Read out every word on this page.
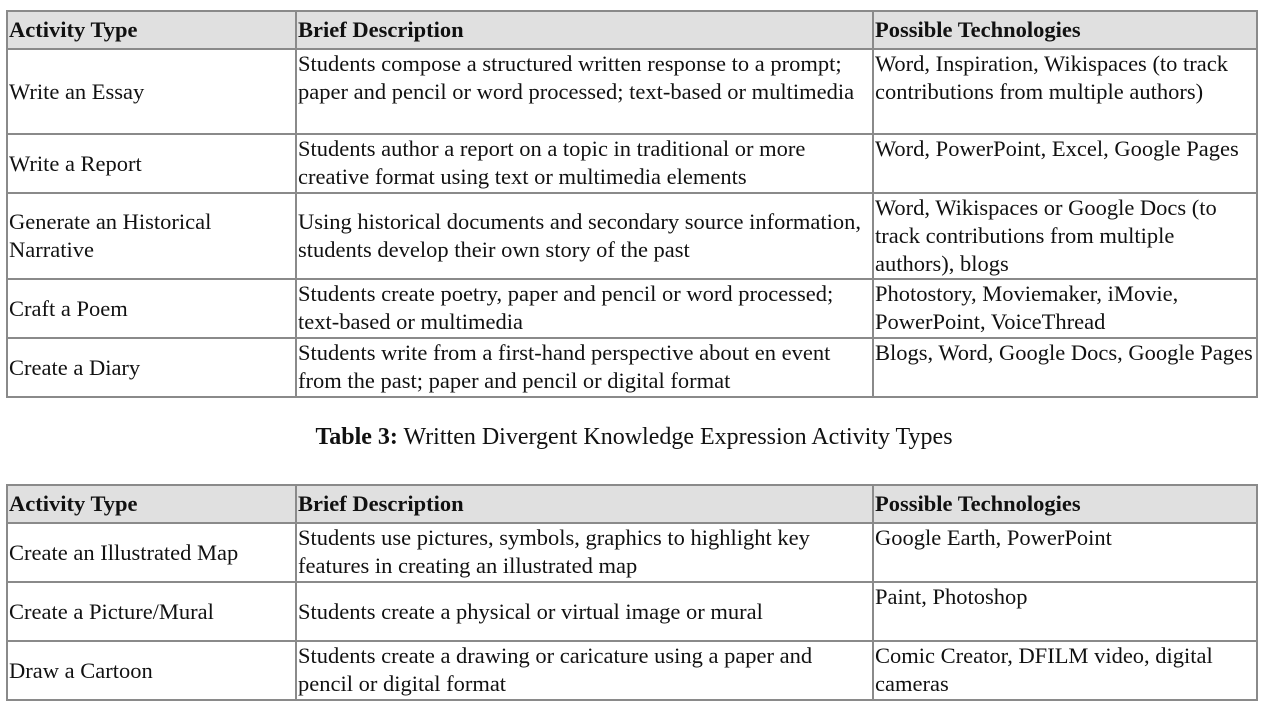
Activity Type	Brief Description	Possible Technologies
Write an Essay	Students compose a structured written response to a prompt; paper and pencil or word processed; text-based or multimedia	Word, Inspiration, Wikispaces (to track contributions from multiple authors)
Write a Report	Students author a report on a topic in traditional or more creative format using text or multimedia elements	Word, PowerPoint, Excel, Google Pages
Generate an Historical Narrative	Using historical documents and secondary source information, students develop their own story of the past	Word, Wikispaces or Google Docs (to track contributions from multiple authors), blogs
Craft a Poem	Students create poetry, paper and pencil or word processed; text-based or multimedia	Photostory, Moviemaker, iMovie, PowerPoint, VoiceThread
Create a Diary	Students write from a first-hand perspective about en event from the past; paper and pencil or digital format	Blogs, Word, Google Docs, Google Pages
Table 3: Written Divergent Knowledge Expression Activity Types
Activity Type	Brief Description	Possible Technologies
Create an Illustrated Map	Students use pictures, symbols, graphics to highlight key features in creating an illustrated map	Google Earth, PowerPoint
Create a Picture/Mural	Students create a physical or virtual image or mural	Paint, Photoshop
Draw a Cartoon	Students create a drawing or caricature using a paper and pencil or digital format	Comic Creator, DFILM video, digital cameras
